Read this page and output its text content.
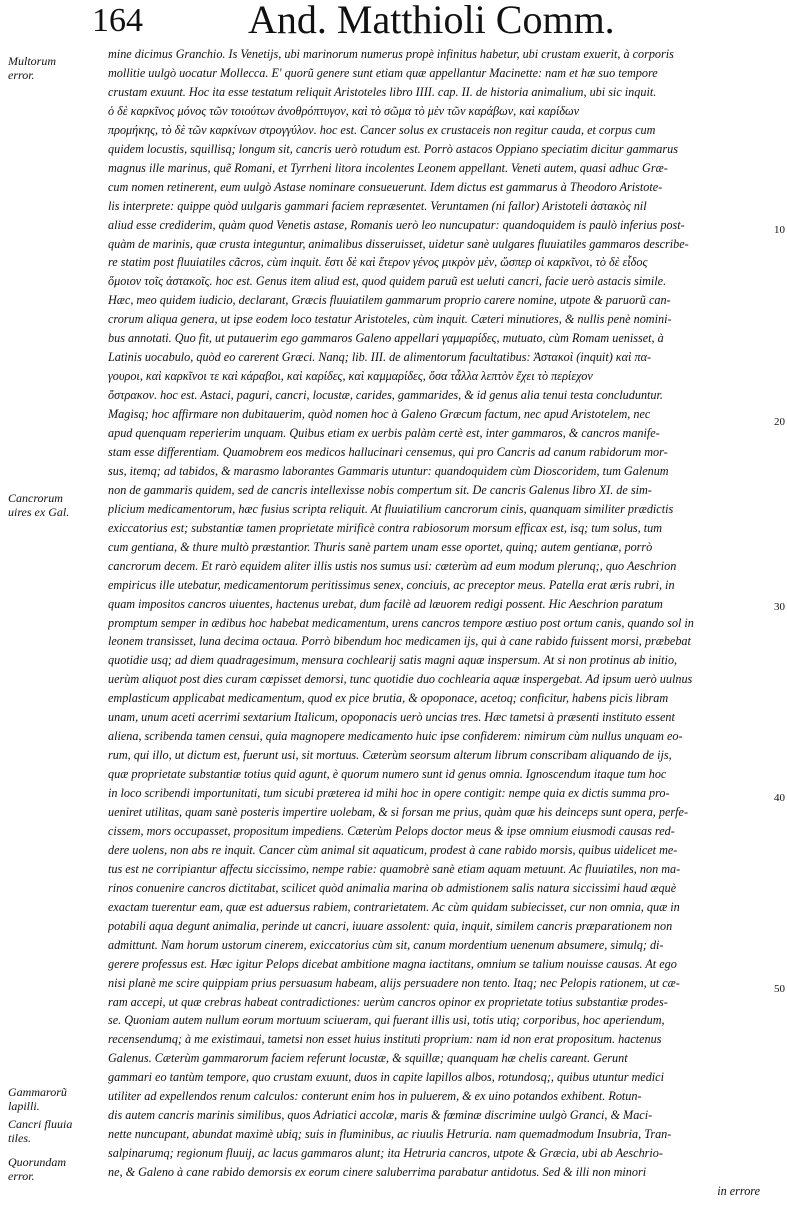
164	And. Matthioli Comm.
Multorum
error.
Cancrorum
uires ex Gal.
Gammarorũ
lapilli.
Cancri fluuia
tiles.
Quorundam
error.
mine dicimus Granchio. Is Venetijs, ubi marinorum numerus propè infinitus habetur, ubi crustam exuerit, à corporis
mollitie uulgò uocatur Mollecca. E' quorũ genere sunt etiam quæ appellantur Macinette: nam et hæ suo tempore
crustam exuunt. Hoc ita esse testatum reliquit Aristoteles libro IIII. cap. II. de historia animalium, ubi sic inquit.
ὁ δὲ καρκῖνος μόνος τῶν τοιούτων ἀνοθρόπτυγον, καὶ τὸ σῶμα τὸ μὲν τῶν καράβων, καὶ καρίδων
προμήκης, τὸ δὲ τῶν καρκίνων στρογγύλον. hoc est. Cancer solus ex crustaceis non regitur cauda, et corpus cum
quidem locustis, squillisq; longum sit, cancris uerò rotudum est. Porrò astacos Oppiano speciatim dicitur gammarus
magnus ille marinus, quẽ Romani, et Tyrrheni litora incolentes Leonem appellant. Veneti autem, quasi adhuc Græ-
cum nomen retinerent, eum uulgò Astase nominare consueuerunt. Idem dictus est gammarus à Theodoro Aristote-
lis interprete: quippe quòd uulgaris gammari faciem repræsentet. Veruntamen (ni fallor) Aristoteli ἀστακὸς nil
aliud esse crediderim, quàm quod Venetis astase, Romanis uerò leo nuncupatur: quandoquidem is paulò inferius post-
quàm de marinis, quæ crusta integuntur, animalibus disseruisset, uidetur sanè uulgares fluuiatiles gammaros describe-
re statim post fluuiatiles cãcros, cùm inquit. ἔστι δὲ καὶ ἕτερον γένος μικρὸν μὲν, ὥσπερ οἱ καρκῖνοι, τὸ δὲ εἶδος
ὅμοιον τοῖς ἀστακοῖς. hoc est. Genus item aliud est, quod quidem paruũ est ueluti cancri, facie uerò astacis simile.
Hæc, meo quidem iudicio, declarant, Græcis fluuiatilem gammarum proprio carere nomine, utpote & paruorũ can-
crorum aliqua genera, ut ipse eodem loco testatur Aristoteles, cùm inquit. Cæteri minutiores, & nullis penè nomini-
bus annotati. Quo fit, ut putauerim ego gammaros Galeno appellari γαμμαρίδες, mutuato, cùm Romam uenisset, à
Latinis uocabulo, quòd eo carerent Græci. Nanq; lib. III. de alimentorum facultatibus: Ἀστακοὶ (inquit) καὶ πα-
γουροι, καὶ καρκῖνοι τε καὶ κάραβοι, καὶ καρίδες, καὶ καμμαρίδες, ὅσα τἆλλα λεπτὸν ἔχει τὸ περίεχον
ὄστρακον. hoc est. Astaci, paguri, cancri, locustæ, carides, gammarides, & id genus alia tenui testa concluduntur.
Magisq; hoc affirmare non dubitauerim, quòd nomen hoc à Galeno Græcum factum, nec apud Aristotelem, nec
apud quenquam reperierim unquam. Quibus etiam ex uerbis palàm certè est, inter gammaros, & cancros manife-
stam esse differentiam. Quamobrem eos medicos hallucinari censemus, qui pro Cancris ad canum rabidorum mor-
sus, itemq; ad tabidos, & marasmo laborantes Gammaris utuntur: quandoquidem cùm Dioscoridem, tum Galenum
non de gammaris quidem, sed de cancris intellexisse nobis compertum sit. De cancris Galenus libro XI. de sim-
plicium medicamentorum, hæc fusius scripta reliquit. At fluuiatilium cancrorum cinis, quanquam similiter prædictis
exiccatorius est; substantiæ tamen proprietate mirificè contra rabiosorum morsum efficax est, isq; tum solus, tum
cum gentiana, & thure multò præstantior. Thuris sanè partem unam esse oportet, quinq; autem gentianæ, porrò
cancrorum decem. Et rarò equidem aliter illis ustis nos sumus usi: cæterùm ad eum modum plerunq;, quo Aeschrion
empiricus ille utebatur, medicamentorum peritissimus senex, conciuis, ac preceptor meus. Patella erat æris rubri, in
quam impositos cancros uiuentes, hactenus urebat, dum facilè ad læuorem redigi possent. Hic Aeschrion paratum
promptum semper in ædibus hoc habebat medicamentum, urens cancros tempore æstiuo post ortum canis, quando sol in
leonem transisset, luna decima octaua. Porrò bibendum hoc medicamen ijs, qui à cane rabido fuissent morsi, præbebat
quotidie usq; ad diem quadragesimum, mensura cochlearij satis magni aquæ inspersum. At si non protinus ab initio,
uerùm aliquot post dies curam cœpisset demorsi, tunc quotidie duo cochlearia aquæ inspergebat. Ad ipsum uerò uulnus
emplasticum applicabat medicamentum, quod ex pice brutia, & opoponace, acetoq; conficitur, habens picis libram
unam, unum aceti acerrimi sextarium Italicum, opoponacis uerò uncias tres. Hæc tametsi à præsenti instituto essent
aliena, scribenda tamen censui, quia magnopere medicamento huic ipse confiderem: nimirum cùm nullus unquam eo-
rum, qui illo, ut dictum est, fuerunt usi, sit mortuus. Cæterùm seorsum alterum librum conscribam aliquando de ijs,
quæ proprietate substantiæ totius quid agunt, è quorum numero sunt id genus omnia. Ignoscendum itaque tum hoc
in loco scribendi importunitati, tum sicubi præterea id mihi hoc in opere contigit: nempe quia ex dictis summa pro-
ueniret utilitas, quam sanè posteris impertire uolebam, & si forsan me prius, quàm quæ his deinceps sunt opera, perfe-
cissem, mors occupasset, propositum impediens. Cæterùm Pelops doctor meus & ipse omnium eiusmodi causas red-
dere uolens, non abs re inquit. Cancer cùm animal sit aquaticum, prodest à cane rabido morsis, quibus uidelicet me-
tus est ne corripiantur affectu siccissimo, nempe rabie: quamobrè sanè etiam aquam metuunt. Ac fluuiatiles, non ma-
rinos conuenire cancros dictitabat, scilicet quòd animalia marina ob admistionem salis natura siccissimi haud æquè
exactam tuerentur eam, quæ est aduersus rabiem, contrarietatem. Ac cùm quidam subiecisset, cur non omnia, quæ in
potabili aqua degunt animalia, perinde ut cancri, iuuare assolent: quia, inquit, similem cancris præparationem non
admittunt. Nam horum ustorum cinerem, exiccatorius cùm sit, canum mordentium uenenum absumere, simulq; di-
gerere professus est. Hæc igitur Pelops dicebat ambitione magna iactitans, omnium se talium nouisse causas. At ego
nisi planè me scire quippiam prius persuasum habeam, alijs persuadere non tento. Itaq; nec Pelopis rationem, ut cæ-
ram accepi, ut quæ crebras habeat contradictiones: uerùm cancros opinor ex proprietate totius substantiæ prodes-
se. Quoniam autem nullum eorum mortuum sciueram, qui fuerant illis usi, totis utiq; corporibus, hoc aperiendum,
recensendumq; à me existimaui, tametsi non esset huius instituti proprium: nam id non erat propositum. hactenus
Galenus. Cæterùm gammarorum faciem referunt locustæ, & squillæ; quanquam hæ chelis careant. Gerunt
gammari eo tantùm tempore, quo crustam exuunt, duos in capite lapillos albos, rotundosq;, quibus utuntur medici
utiliter ad expellendos renum calculos: conterunt enim hos in puluerem, & ex uino potandos exhibent. Rotun-
dis autem cancris marinis similibus, quos Adriatici accolæ, maris & fœminæ discrimine uulgò Granci, & Maci-
nette nuncupant, abundat maximè ubiq; suis in fluminibus, ac riuulis Hetruria. nam quemadmodum Insubria, Tran-
salpinarumq; regionum fluuij, ac lacus gammaros alunt; ita Hetruria cancros, utpote & Græcia, ubi ab Aeschrio-
ne, & Galeno à cane rabido demorsis ex eorum cinere saluberrima parabatur antidotus. Sed & illi non minori
in errore
10
20
30
40
50
